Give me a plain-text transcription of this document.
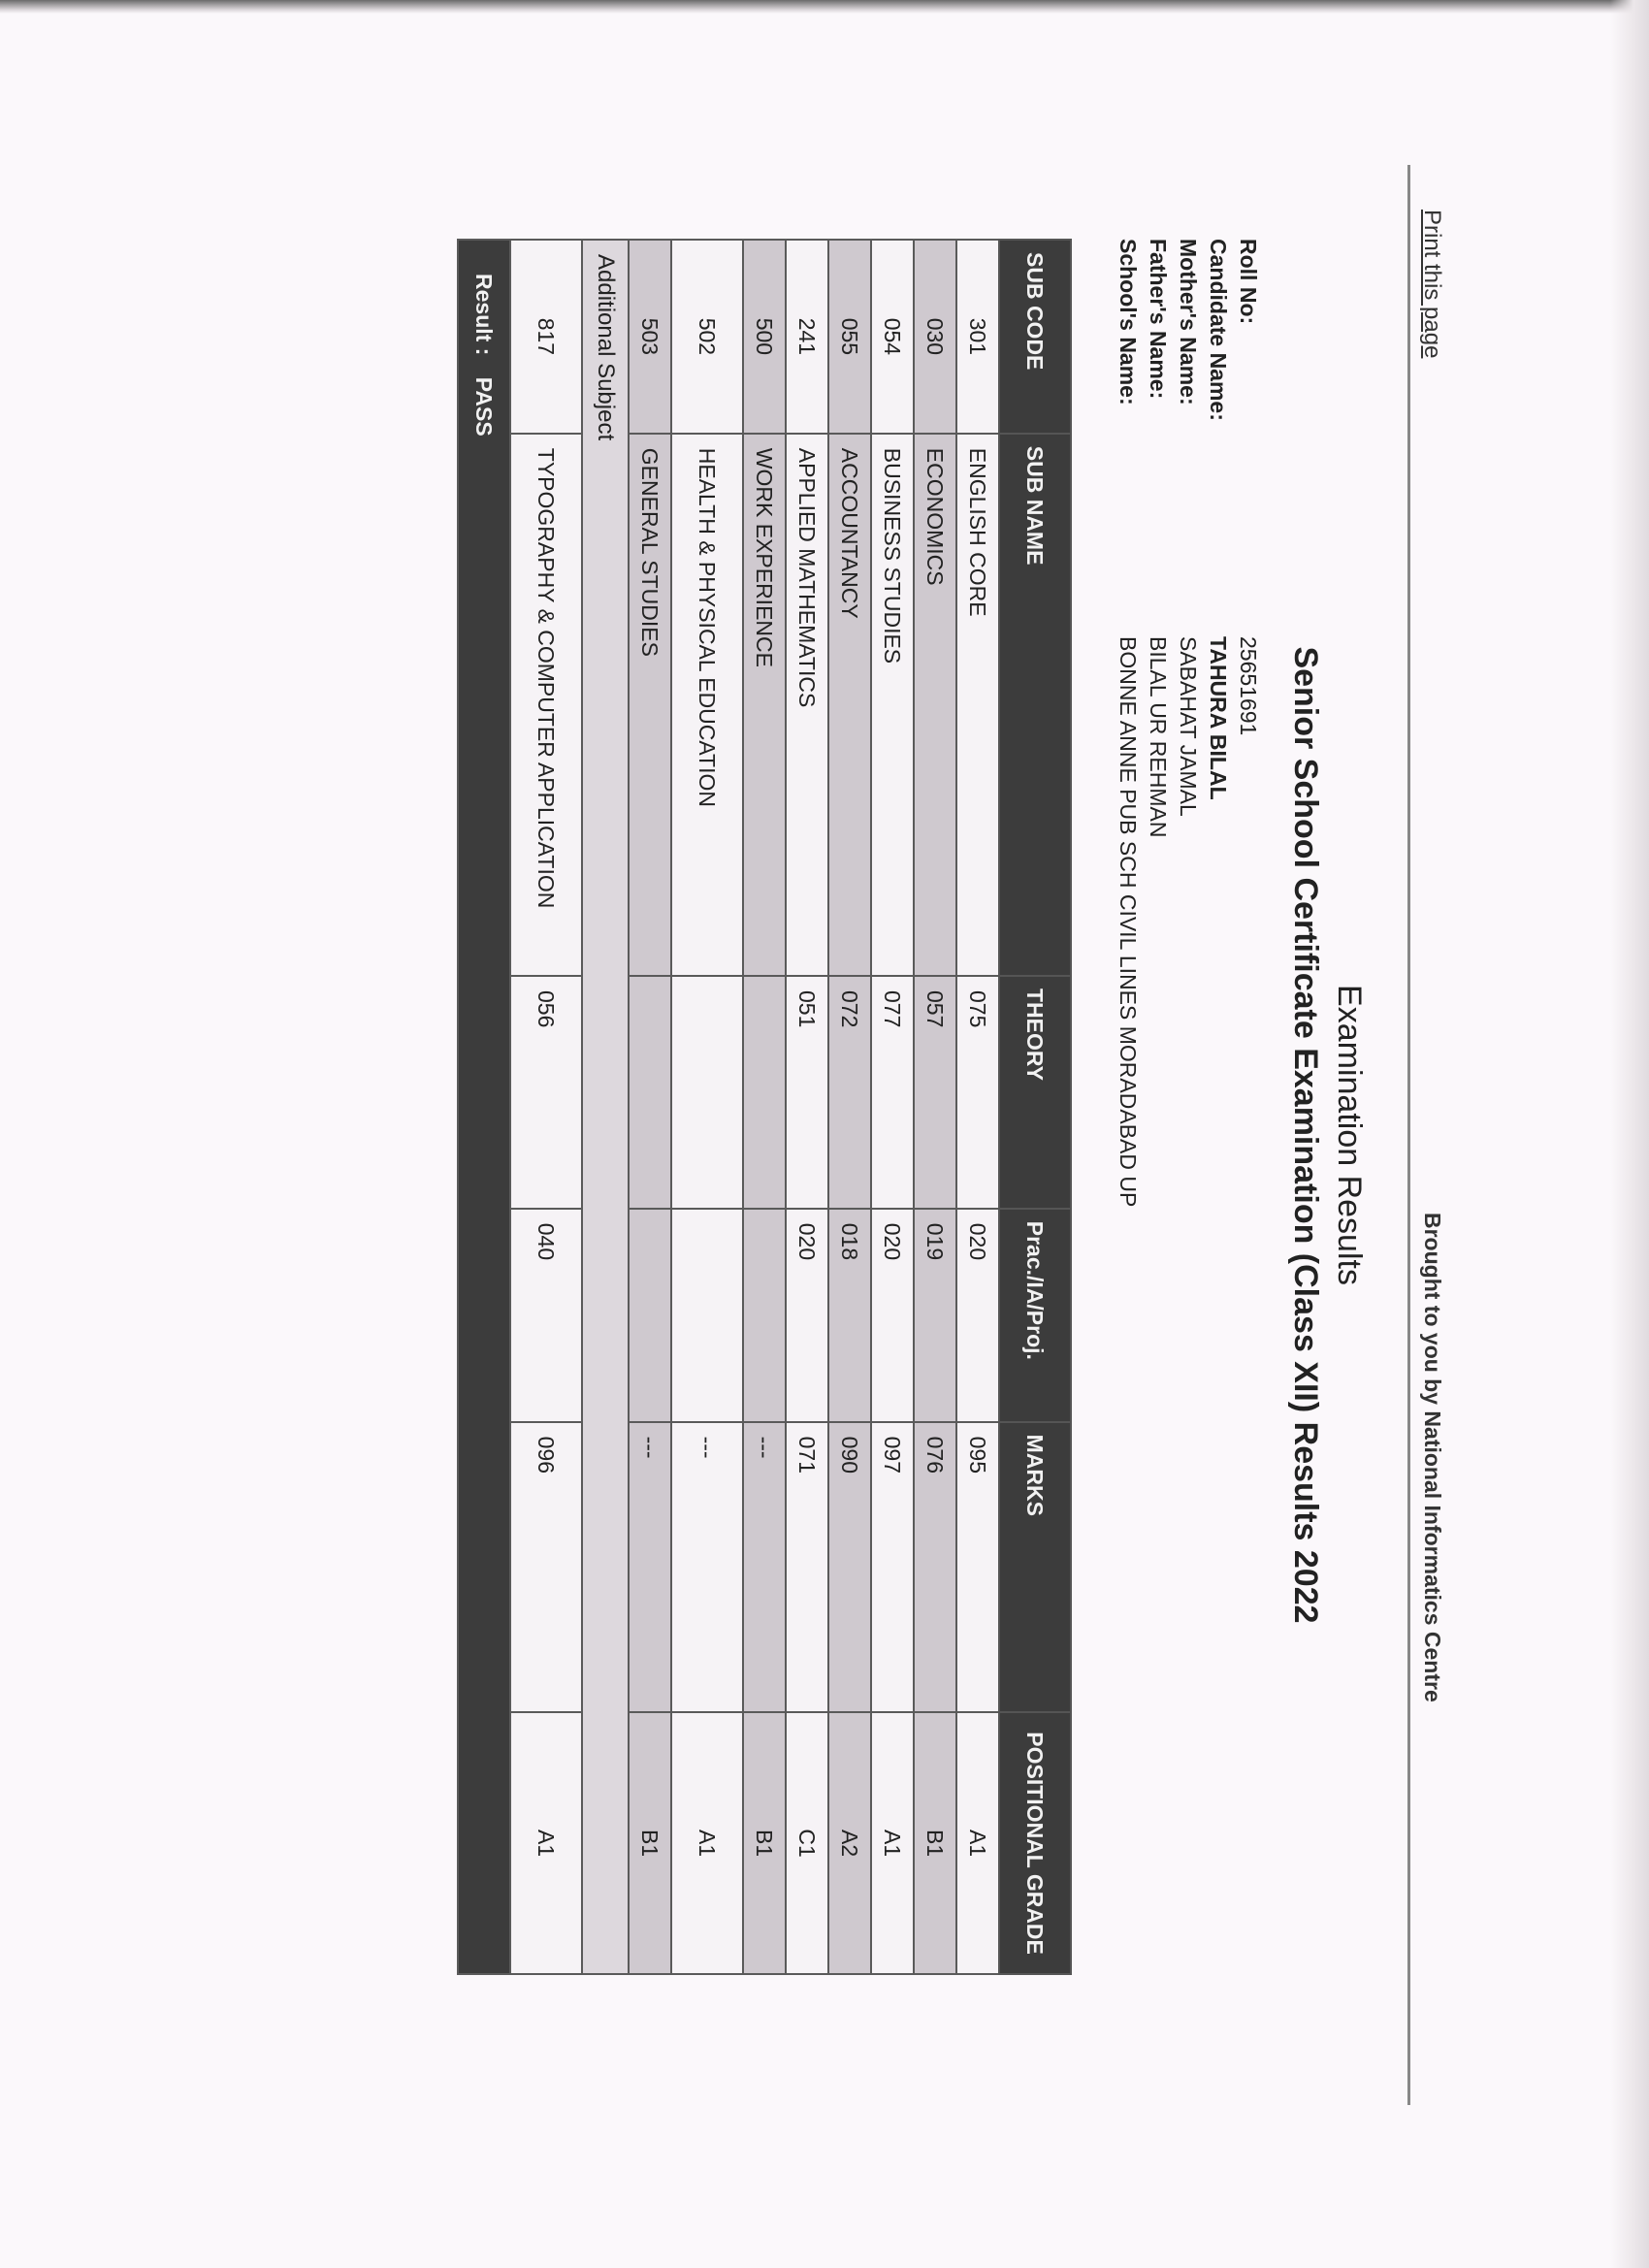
Print this page
Brought to you by National Informatics Centre
Examination Results
Senior School Certificate Examination (Class XII) Results 2022
Roll No:
25651691
Candidate Name:
TAHURA BILAL
Mother's Name:
SABAHAT JAMAL
Father's Name:
BILAL UR REHMAN
School's Name:
BONNE ANNE PUB SCH CIVIL LINES MORADABAD UP
SUB CODE	SUB NAME	THEORY	Prac./IA/Proj.	MARKS	POSITIONAL GRADE
301	ENGLISH CORE	075	020	095	A1
030	ECONOMICS	057	019	076	B1
054	BUSINESS STUDIES	077	020	097	A1
055	ACCOUNTANCY	072	018	090	A2
241	APPLIED MATHEMATICS	051	020	071	C1
500	WORK EXPERIENCE			---	B1
502	HEALTH & PHYSICAL EDUCATION			---	A1
503	GENERAL STUDIES			---	B1
Additional Subject					
817	TYPOGRAPHY & COMPUTER APPLICATION	056	040	096	A1
Result : PASS					
